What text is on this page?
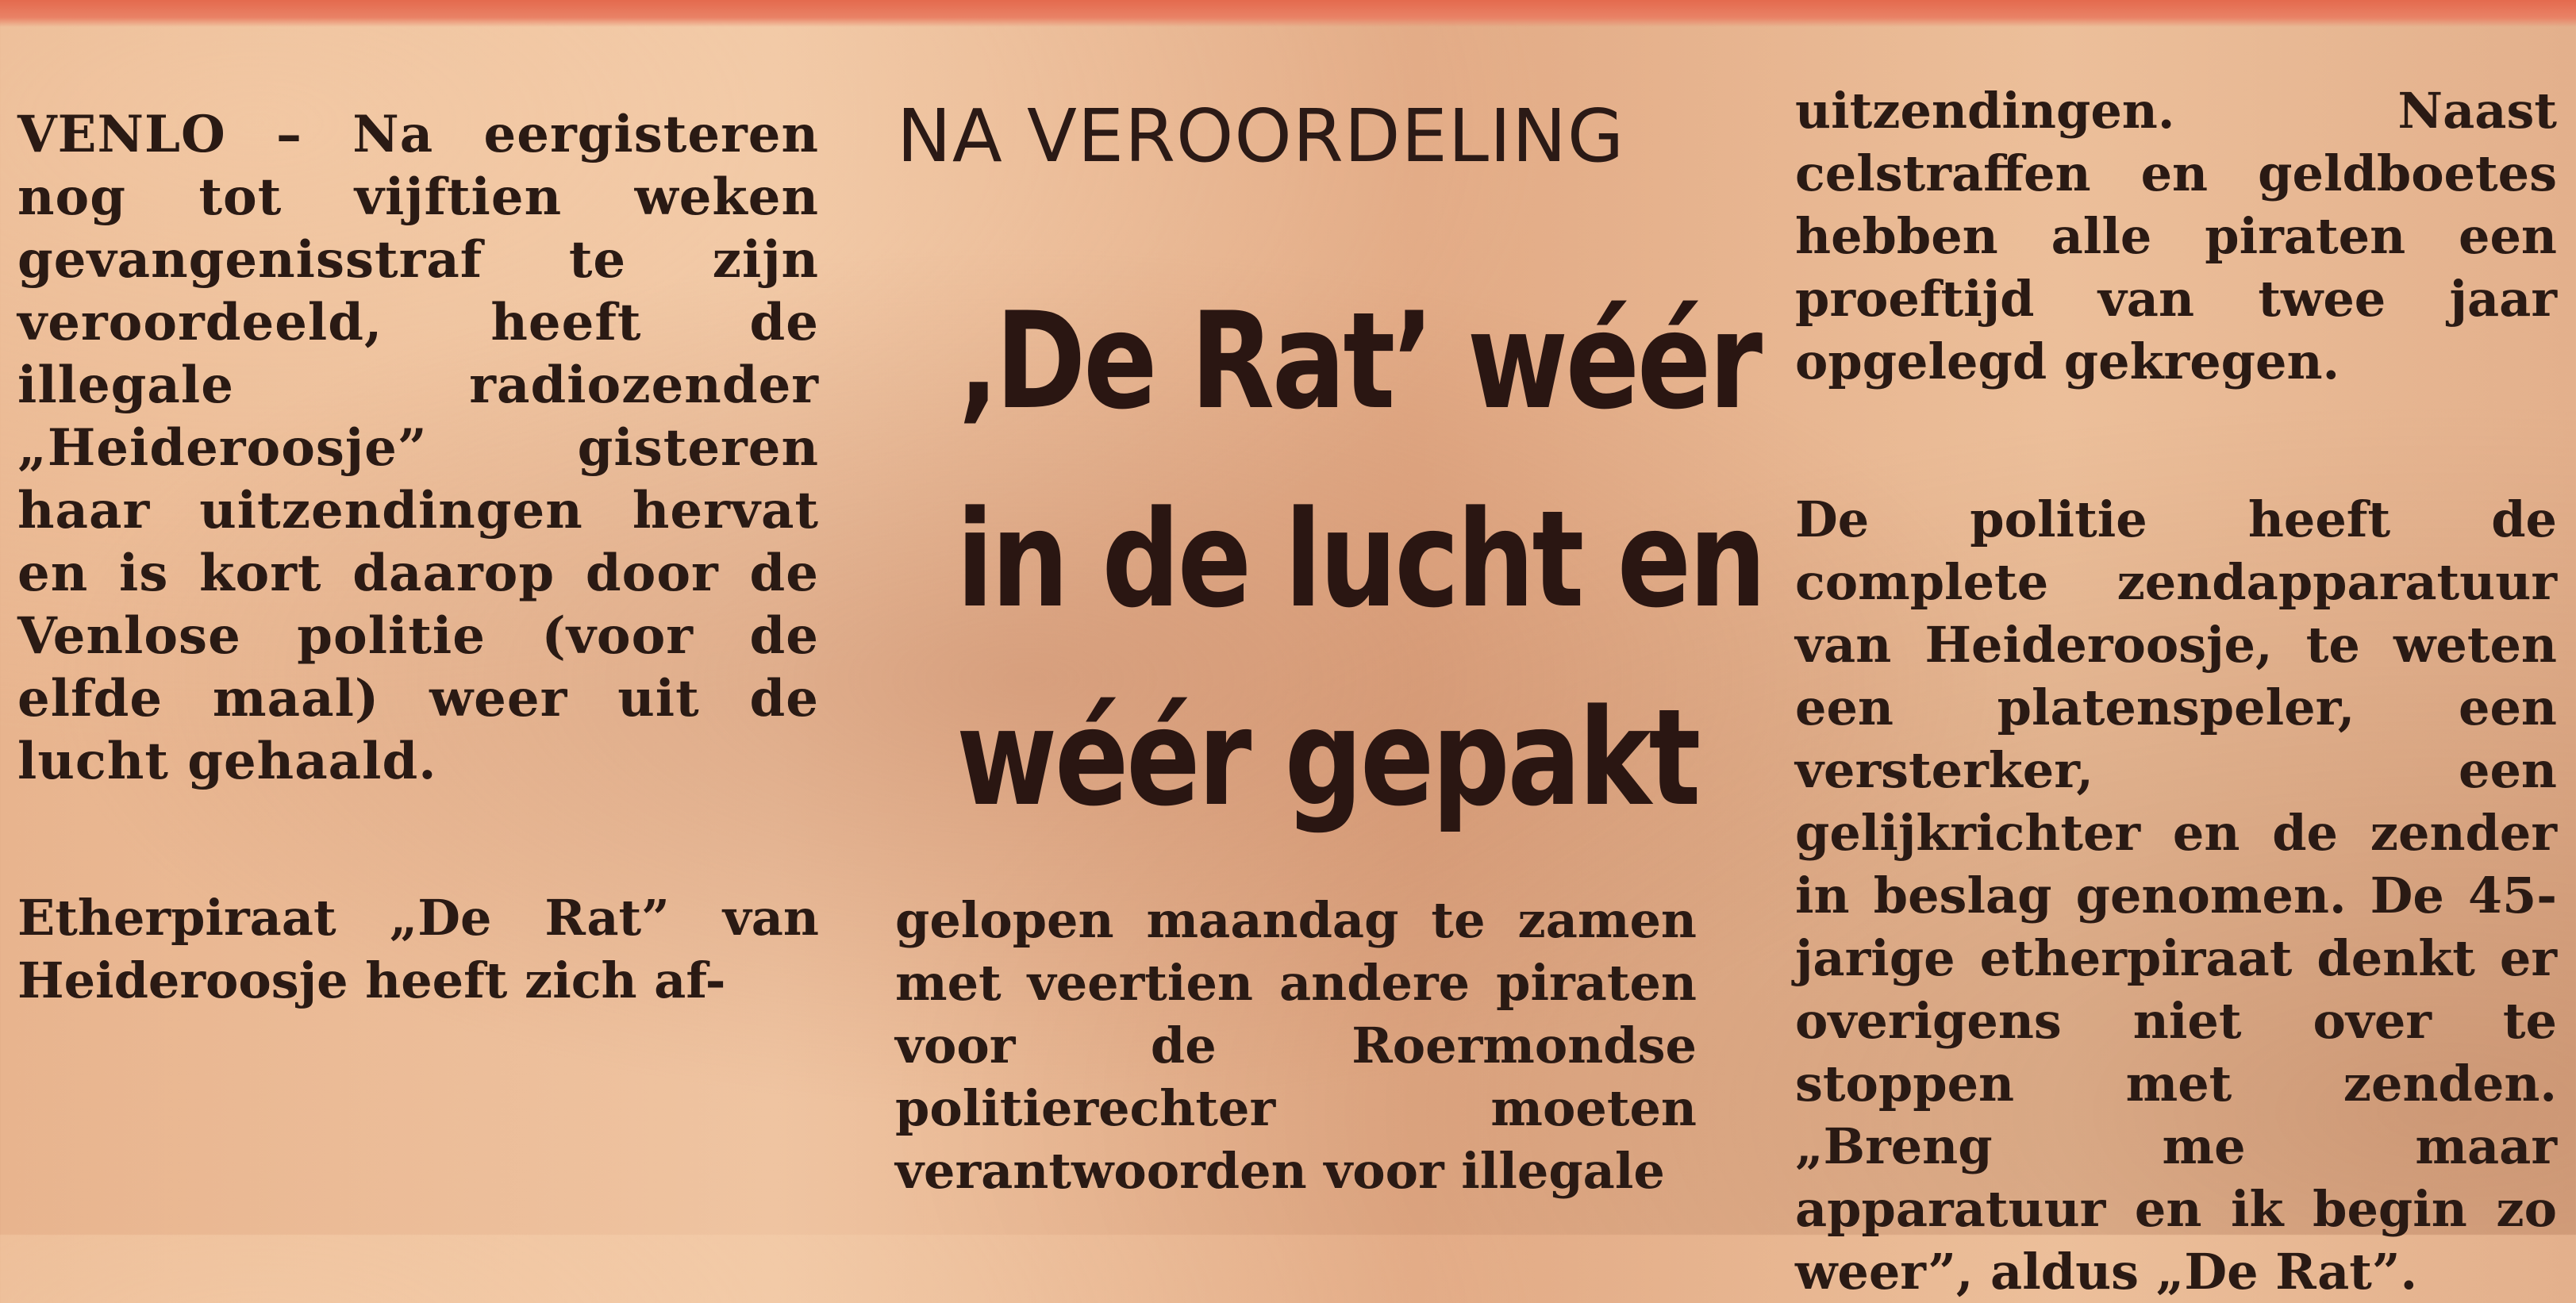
VENLO – Na eergisteren nog tot vijftien weken gevangenisstraf te zijn veroordeeld, heeft de illegale radiozender „Heideroosje” gisteren haar uitzendingen hervat en is kort daarop door de Venlose politie (voor de elfde maal) weer uit de lucht gehaald.

Etherpiraat „De Rat” van Heideroosje heeft zich af-

NA VEROORDELING

‚De Rat’ wéér
in de lucht en
wéér gepakt

gelopen maandag te zamen met veertien andere piraten voor de Roermondse politierechter moeten verantwoorden voor illegale

uitzendingen. Naast celstraffen en geldboetes hebben alle piraten een proeftijd van twee jaar opgelegd gekregen.

De politie heeft de complete zendapparatuur van Heideroosje, te weten een platenspeler, een versterker, een gelijkrichter en de zender in beslag genomen. De 45-jarige etherpiraat denkt er overigens niet over te stoppen met zenden. „Breng me maar apparatuur en ik begin zo weer”, aldus „De Rat”.
